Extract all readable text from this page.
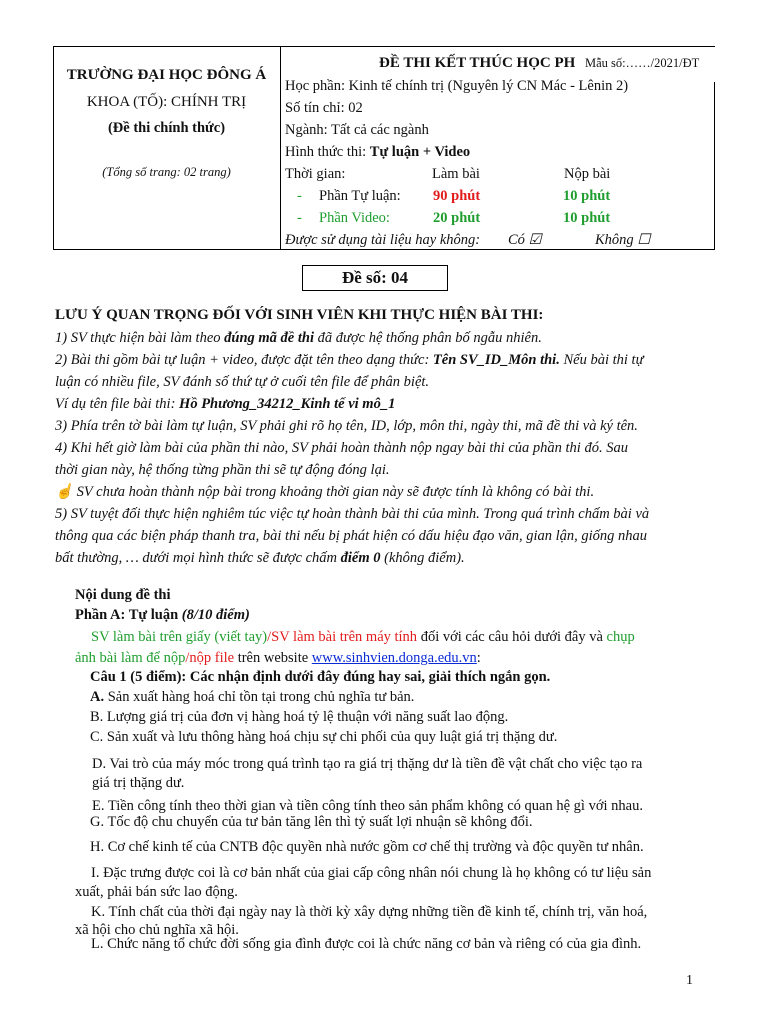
TRƯỜNG ĐẠI HỌC ĐÔNG Á
KHOA (TỐ): CHÍNH TRỊ
(Đề thi chính thức)
(Tổng số trang: 02 trang)

ĐỀ THI KẾT THÚC HỌC PH Mẫu số:……/2021/ĐT
Học phần: Kinh tế chính trị (Nguyên lý CN Mác - Lênin 2)
Số tín chỉ: 02
Ngành: Tất cả các ngành
Hình thức thi: Tự luận + Video
Thời gian:	Làm bài	Nộp bài
- Phần Tự luận: 90 phút	10 phút
- Phần Video:	20 phút	10 phút
Được sử dụng tài liệu hay không: Có ☑	Không ☐
Đề số: 04
LƯU Ý QUAN TRỌNG ĐỐI VỚI SINH VIÊN KHI THỰC HIỆN BÀI THI:
1) SV thực hiện bài làm theo đúng mã đề thi đã được hệ thống phân bố ngẫu nhiên.
2) Bài thi gồm bài tự luận + video, được đặt tên theo dạng thức: Tên SV_ID_Môn thi. Nếu bài thi tự
luận có nhiều file, SV đánh số thứ tự ở cuối tên file để phân biệt.
Ví dụ tên file bài thi: Hồ Phương_34212_Kinh tế vi mô_1
3) Phía trên tờ bài làm tự luận, SV phải ghi rõ họ tên, ID, lớp, môn thi, ngày thi, mã đề thi và ký tên.
4) Khi hết giờ làm bài của phần thi nào, SV phải hoàn thành nộp ngay bài thi của phần thi đó. Sau
thời gian này, hệ thống từng phần thi sẽ tự động đóng lại.
☝ SV chưa hoàn thành nộp bài trong khoảng thời gian này sẽ được tính là không có bài thi.
5) SV tuyệt đối thực hiện nghiêm túc việc tự hoàn thành bài thi của mình. Trong quá trình chấm bài và
thông qua các biện pháp thanh tra, bài thi nếu bị phát hiện có dấu hiệu đạo văn, gian lận, giống nhau
bất thường, … dưới mọi hình thức sẽ được chấm điểm 0 (không điểm).
Nội dung đề thi
Phần A: Tự luận (8/10 điểm)
SV làm bài trên giấy (viết tay)/SV làm bài trên máy tính đối với các câu hỏi dưới đây và chụp
ảnh bài làm để nộp/nộp file trên website www.sinhvien.donga.edu.vn:
Câu 1 (5 điểm): Các nhận định dưới đây đúng hay sai, giải thích ngắn gọn.
A. Sản xuất hàng hoá chỉ tồn tại trong chủ nghĩa tư bản.
B. Lượng giá trị của đơn vị hàng hoá tỷ lệ thuận với năng suất lao động.
C. Sản xuất và lưu thông hàng hoá chịu sự chi phối của quy luật giá trị thặng dư.
D. Vai trò của máy móc trong quá trình tạo ra giá trị thặng dư là tiền đề vật chất cho việc tạo ra
giá trị thặng dư.
E. Tiền công tính theo thời gian và tiền công tính theo sản phẩm không có quan hệ gì với nhau.
G. Tốc độ chu chuyển của tư bản tăng lên thì tỷ suất lợi nhuận sẽ không đổi.
H. Cơ chế kinh tế của CNTB độc quyền nhà nước gồm cơ chế thị trường và độc quyền tư nhân.
I. Đặc trưng được coi là cơ bản nhất của giai cấp công nhân nói chung là họ không có tư liệu sản
xuất, phải bán sức lao động.
K. Tính chất của thời đại ngày nay là thời kỳ xây dựng những tiền đề kinh tế, chính trị, văn hoá,
xã hội cho chủ nghĩa xã hội.
L. Chức năng tổ chức đời sống gia đình được coi là chức năng cơ bản và riêng có của gia đình.
1
